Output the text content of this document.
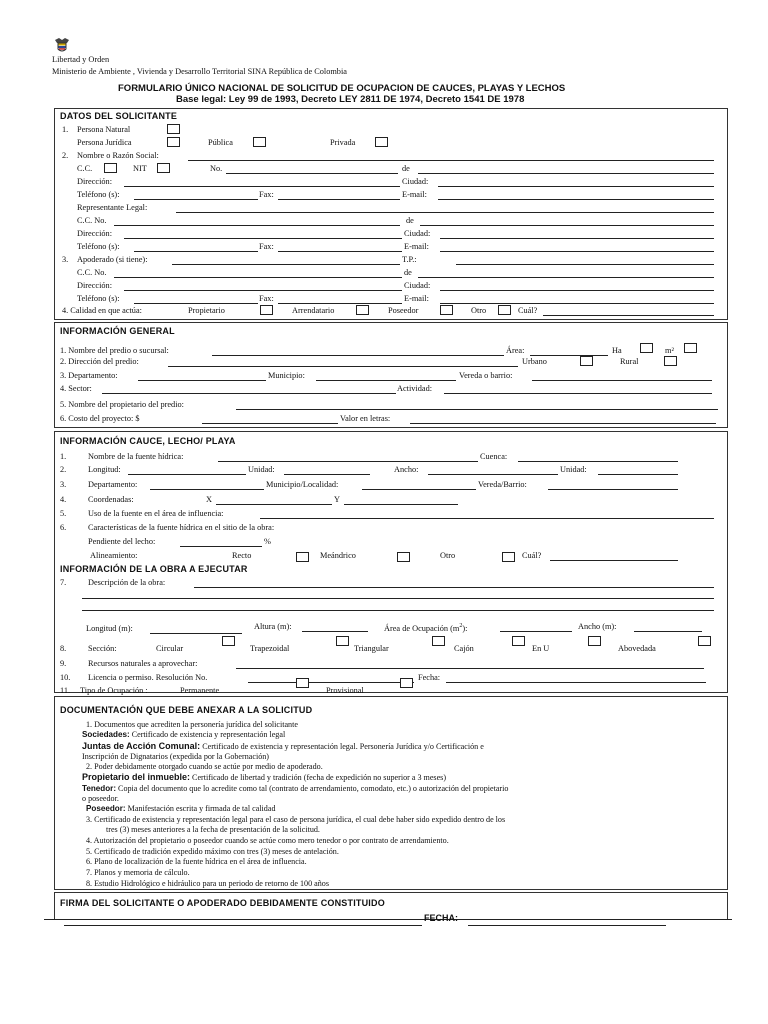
Libertad y Orden
Ministerio de Ambiente , Vivienda y Desarrollo Territorial SINA República de Colombia
FORMULARIO ÚNICO NACIONAL DE SOLICITUD DE OCUPACION DE CAUCES, PLAYAS Y LECHOS
Base legal: Ley 99 de 1993, Decreto LEY 2811 DE 1974, Decreto 1541 DE 1978
DATOS DEL SOLICITANTE
1. Persona Natural
Persona Jurídica	Pública	Privada
2. Nombre o Razón Social:
C.C.	NIT	No.	de
Dirección:	Ciudad:
Teléfono (s):	Fax:	E-mail:
Representante Legal:
C.C. No.	de
Dirección:	Ciudad:
Teléfono (s):	Fax:	E-mail:
3. Apoderado (si tiene):	T.P.:
C.C. No.	de
Dirección:	Ciudad:
Teléfono (s):	Fax:	E-mail:
4. Calidad en que actúa:	Propietario	Arrendatario	Poseedor	Otro	Cuál?
INFORMACIÓN GENERAL
1. Nombre del predio o sucursal:	Área:	Ha	m²
2. Dirección del predio:	Urbano	Rural
3. Departamento:	Municipio:	Vereda o barrio:
4. Sector:	Actividad:
5. Nombre del propietario del predio:
6. Costo del proyecto: $	Valor en letras:
INFORMACIÓN CAUCE, LECHO/ PLAYA
1.	Nombre de la fuente hídrica:	Cuenca:
2.	Longitud:	Unidad:	Ancho:	Unidad:
3.	Departamento:	Municipio/Localidad:	Vereda/Barrio:
4.	Coordenadas:	X	Y
5.	Uso de la fuente en el área de influencia:
6.	Características de la fuente hídrica en el sitio de la obra:
Pendiente del lecho:	%
Alineamiento:	Recto	Meándrico	Otro	Cuál?
INFORMACIÓN DE LA OBRA A EJECUTAR
7.	Descripción de la obra:
Longitud (m):	Altura (m):	Área de Ocupación $(m^2)$:	Ancho (m):
8.	Sección:	Circular	Trapezoidal	Triangular	Cajón	En U	Abovedada
9.	Recursos naturales a aprovechar:
10. Licencia o permiso. Resolución No.	Fecha:
11. Tipo de Ocupación :	Permanente	Provisional
DOCUMENTACIÓN QUE DEBE ANEXAR A LA SOLICITUD
1. Documentos que acrediten la personería jurídica del solicitante
Sociedades: Certificado de existencia y representación legal
Juntas de Acción Comunal: Certificado de existencia y representación legal. Personería Jurídica y/o Certificación e
Inscripción de Dignatarios (expedida por la Gobernación)
2. Poder debidamente otorgado cuando se actúe por medio de apoderado.
Propietario del inmueble: Certificado de libertad y tradición (fecha de expedición no superior a 3 meses)
Tenedor: Copia del documento que lo acredite como tal (contrato de arrendamiento, comodato, etc.) o autorización del propietario
o poseedor.
Poseedor: Manifestación escrita y firmada de tal calidad
3. Certificado de existencia y representación legal para el caso de persona jurídica, el cual debe haber sido expedido dentro de los
tres (3) meses anteriores a la fecha de presentación de la solicitud.
4. Autorización del propietario o poseedor cuando se actúe como mero tenedor o por contrato de arrendamiento.
5. Certificado de tradición expedido máximo con tres (3) meses de antelación.
6. Plano de localización de la fuente hídrica en el área de influencia.
7. Planos y memoria de cálculo.
8. Estudio Hidrológico e hidráulico para un periodo de retorno de 100 años
FIRMA DEL SOLICITANTE O APODERADO DEBIDAMENTE CONSTITUIDO
FECHA:
